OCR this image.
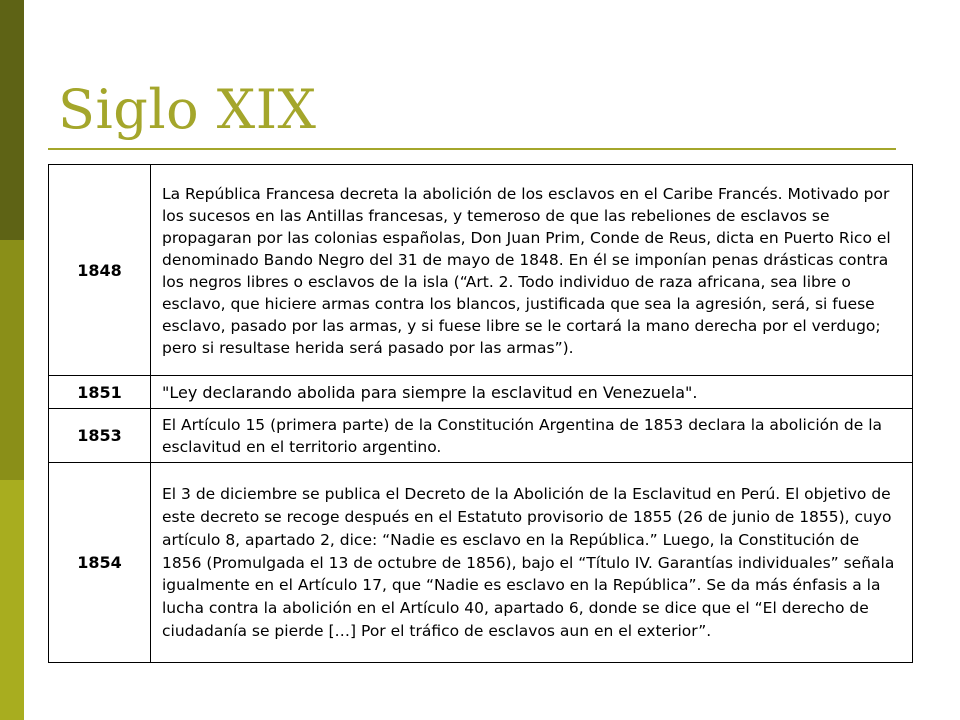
Siglo XIX
1848	La República Francesa decreta la abolición de los esclavos en el Caribe Francés. Motivado por los sucesos en las Antillas francesas, y temeroso de que las rebeliones de esclavos se propagaran por las colonias españolas, Don Juan Prim, Conde de Reus, dicta en Puerto Rico el denominado Bando Negro del 31 de mayo de 1848. En él se imponían penas drásticas contra los negros libres o esclavos de la isla (“Art. 2. Todo individuo de raza africana, sea libre o esclavo, que hiciere armas contra los blancos, justificada que sea la agresión, será, si fuese esclavo, pasado por las armas, y si fuese libre se le cortará la mano derecha por el verdugo; pero si resultase herida será pasado por las armas”).
1851	"Ley declarando abolida para siempre la esclavitud en Venezuela".
1853	El Artículo 15 (primera parte) de la Constitución Argentina de 1853 declara la abolición de la esclavitud en el territorio argentino.
1854	El 3 de diciembre se publica el Decreto de la Abolición de la Esclavitud en Perú. El objetivo de este decreto se recoge después en el Estatuto provisorio de 1855 (26 de junio de 1855), cuyo artículo 8, apartado 2, dice: “Nadie es esclavo en la República.” Luego, la Constitución de 1856 (Promulgada el 13 de octubre de 1856), bajo el “Título IV. Garantías individuales” señala igualmente en el Artículo 17, que “Nadie es esclavo en la República”. Se da más énfasis a la lucha contra la abolición en el Artículo 40, apartado 6, donde se dice que el “El derecho de ciudadanía se pierde […] Por el tráfico de esclavos aun en el exterior”.
